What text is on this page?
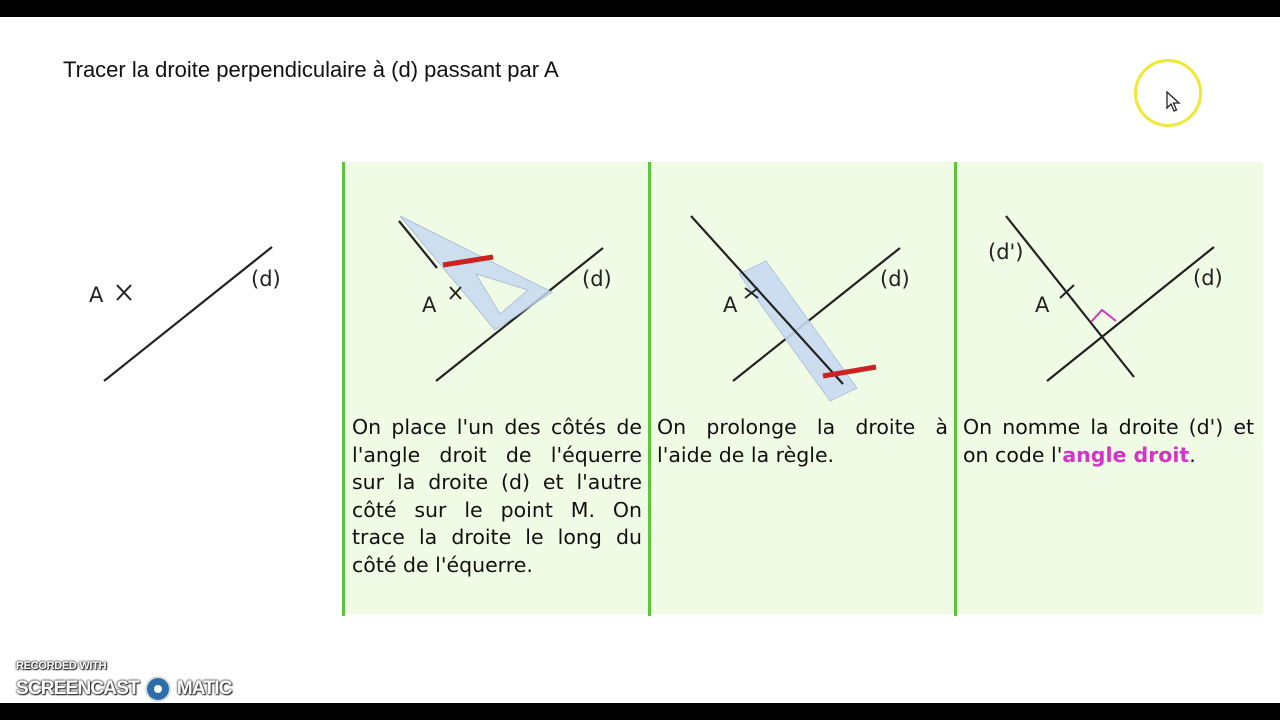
Tracer la droite perpendiculaire à (d) passant par A
A
(d)
A
(d)
A
(d)
A
(d')
(d)
On place l'un des côtés de l'angle droit de l'équerre sur la droite (d) et l'autre côté sur le point M. On trace la droite le long du côté de l'équerre.
On prolonge la droite à l'aide de la règle.
On nomme la droite (d') et on code l'angle droit.
RECORDED WITH
SCREENCAST MATIC
